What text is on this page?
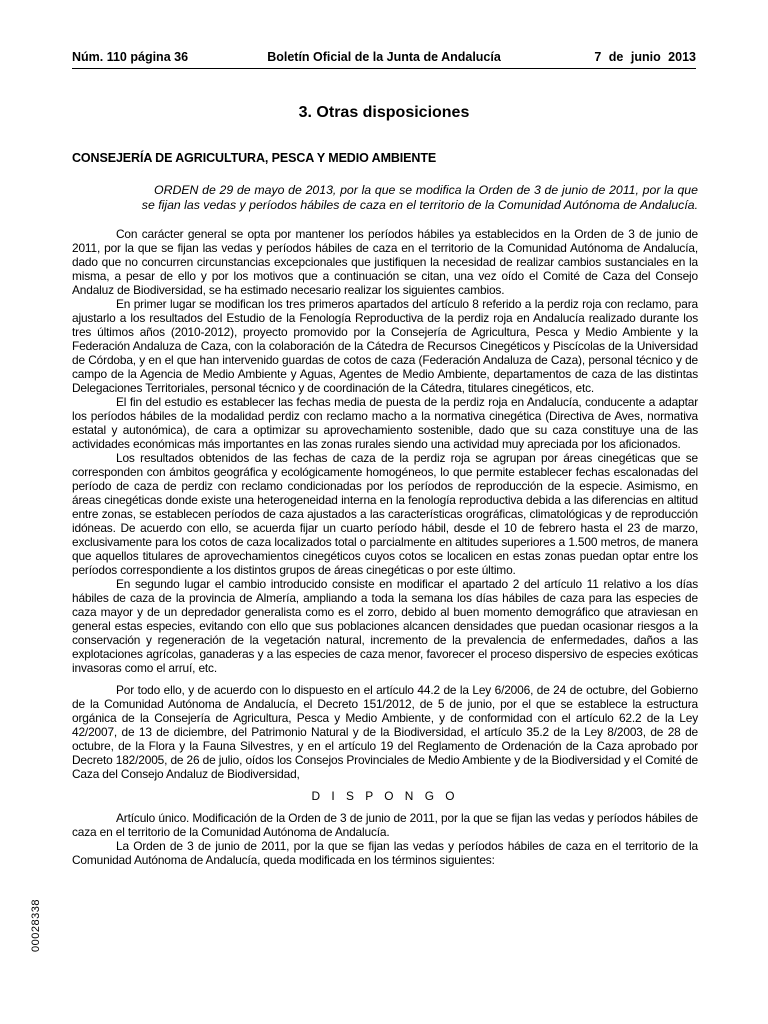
Núm. 110 página 36	Boletín Oficial de la Junta de Andalucía	7 de junio 2013
3. Otras disposiciones
CONSEJERÍA DE AGRICULTURA, PESCA Y MEDIO AMBIENTE
ORDEN de 29 de mayo de 2013, por la que se modifica la Orden de 3 de junio de 2011, por la que se fijan las vedas y períodos hábiles de caza en el territorio de la Comunidad Autónoma de Andalucía.

Con carácter general se opta por mantener los períodos hábiles ya establecidos en la Orden de 3 de junio de 2011, por la que se fijan las vedas y períodos hábiles de caza en el territorio de la Comunidad Autónoma de Andalucía, dado que no concurren circunstancias excepcionales que justifiquen la necesidad de realizar cambios sustanciales en la misma, a pesar de ello y por los motivos que a continuación se citan, una vez oído el Comité de Caza del Consejo Andaluz de Biodiversidad, se ha estimado necesario realizar los siguientes cambios.

En primer lugar se modifican los tres primeros apartados del artículo 8 referido a la perdiz roja con reclamo, para ajustarlo a los resultados del Estudio de la Fenología Reproductiva de la perdiz roja en Andalucía realizado durante los tres últimos años (2010-2012), proyecto promovido por la Consejería de Agricultura, Pesca y Medio Ambiente y la Federación Andaluza de Caza, con la colaboración de la Cátedra de Recursos Cinegéticos y Piscícolas de la Universidad de Córdoba, y en el que han intervenido guardas de cotos de caza (Federación Andaluza de Caza), personal técnico y de campo de la Agencia de Medio Ambiente y Aguas, Agentes de Medio Ambiente, departamentos de caza de las distintas Delegaciones Territoriales, personal técnico y de coordinación de la Cátedra, titulares cinegéticos, etc.

El fin del estudio es establecer las fechas media de puesta de la perdiz roja en Andalucía, conducente a adaptar los períodos hábiles de la modalidad perdiz con reclamo macho a la normativa cinegética (Directiva de Aves, normativa estatal y autonómica), de cara a optimizar su aprovechamiento sostenible, dado que su caza constituye una de las actividades económicas más importantes en las zonas rurales siendo una actividad muy apreciada por los aficionados.

Los resultados obtenidos de las fechas de caza de la perdiz roja se agrupan por áreas cinegéticas que se corresponden con ámbitos geográfica y ecológicamente homogéneos, lo que permite establecer fechas escalonadas del período de caza de perdiz con reclamo condicionadas por los períodos de reproducción de la especie. Asimismo, en áreas cinegéticas donde existe una heterogeneidad interna en la fenología reproductiva debida a las diferencias en altitud entre zonas, se establecen períodos de caza ajustados a las características orográficas, climatológicas y de reproducción idóneas. De acuerdo con ello, se acuerda fijar un cuarto período hábil, desde el 10 de febrero hasta el 23 de marzo, exclusivamente para los cotos de caza localizados total o parcialmente en altitudes superiores a 1.500 metros, de manera que aquellos titulares de aprovechamientos cinegéticos cuyos cotos se localicen en estas zonas puedan optar entre los períodos correspondiente a los distintos grupos de áreas cinegéticas o por este último.

En segundo lugar el cambio introducido consiste en modificar el apartado 2 del artículo 11 relativo a los días hábiles de caza de la provincia de Almería, ampliando a toda la semana los días hábiles de caza para las especies de caza mayor y de un depredador generalista como es el zorro, debido al buen momento demográfico que atraviesan en general estas especies, evitando con ello que sus poblaciones alcancen densidades que puedan ocasionar riesgos a la conservación y regeneración de la vegetación natural, incremento de la prevalencia de enfermedades, daños a las explotaciones agrícolas, ganaderas y a las especies de caza menor, favorecer el proceso dispersivo de especies exóticas invasoras como el arruí, etc.

Por todo ello, y de acuerdo con lo dispuesto en el artículo 44.2 de la Ley 6/2006, de 24 de octubre, del Gobierno de la Comunidad Autónoma de Andalucía, el Decreto 151/2012, de 5 de junio, por el que se establece la estructura orgánica de la Consejería de Agricultura, Pesca y Medio Ambiente, y de conformidad con el artículo 62.2 de la Ley 42/2007, de 13 de diciembre, del Patrimonio Natural y de la Biodiversidad, el artículo 35.2 de la Ley 8/2003, de 28 de octubre, de la Flora y la Fauna Silvestres, y en el artículo 19 del Reglamento de Ordenación de la Caza aprobado por Decreto 182/2005, de 26 de julio, oídos los Consejos Provinciales de Medio Ambiente y de la Biodiversidad y el Comité de Caza del Consejo Andaluz de Biodiversidad,

D I S P O N G O

Artículo único. Modificación de la Orden de 3 de junio de 2011, por la que se fijan las vedas y períodos hábiles de caza en el territorio de la Comunidad Autónoma de Andalucía.

La Orden de 3 de junio de 2011, por la que se fijan las vedas y períodos hábiles de caza en el territorio de la Comunidad Autónoma de Andalucía, queda modificada en los términos siguientes:

00028338
